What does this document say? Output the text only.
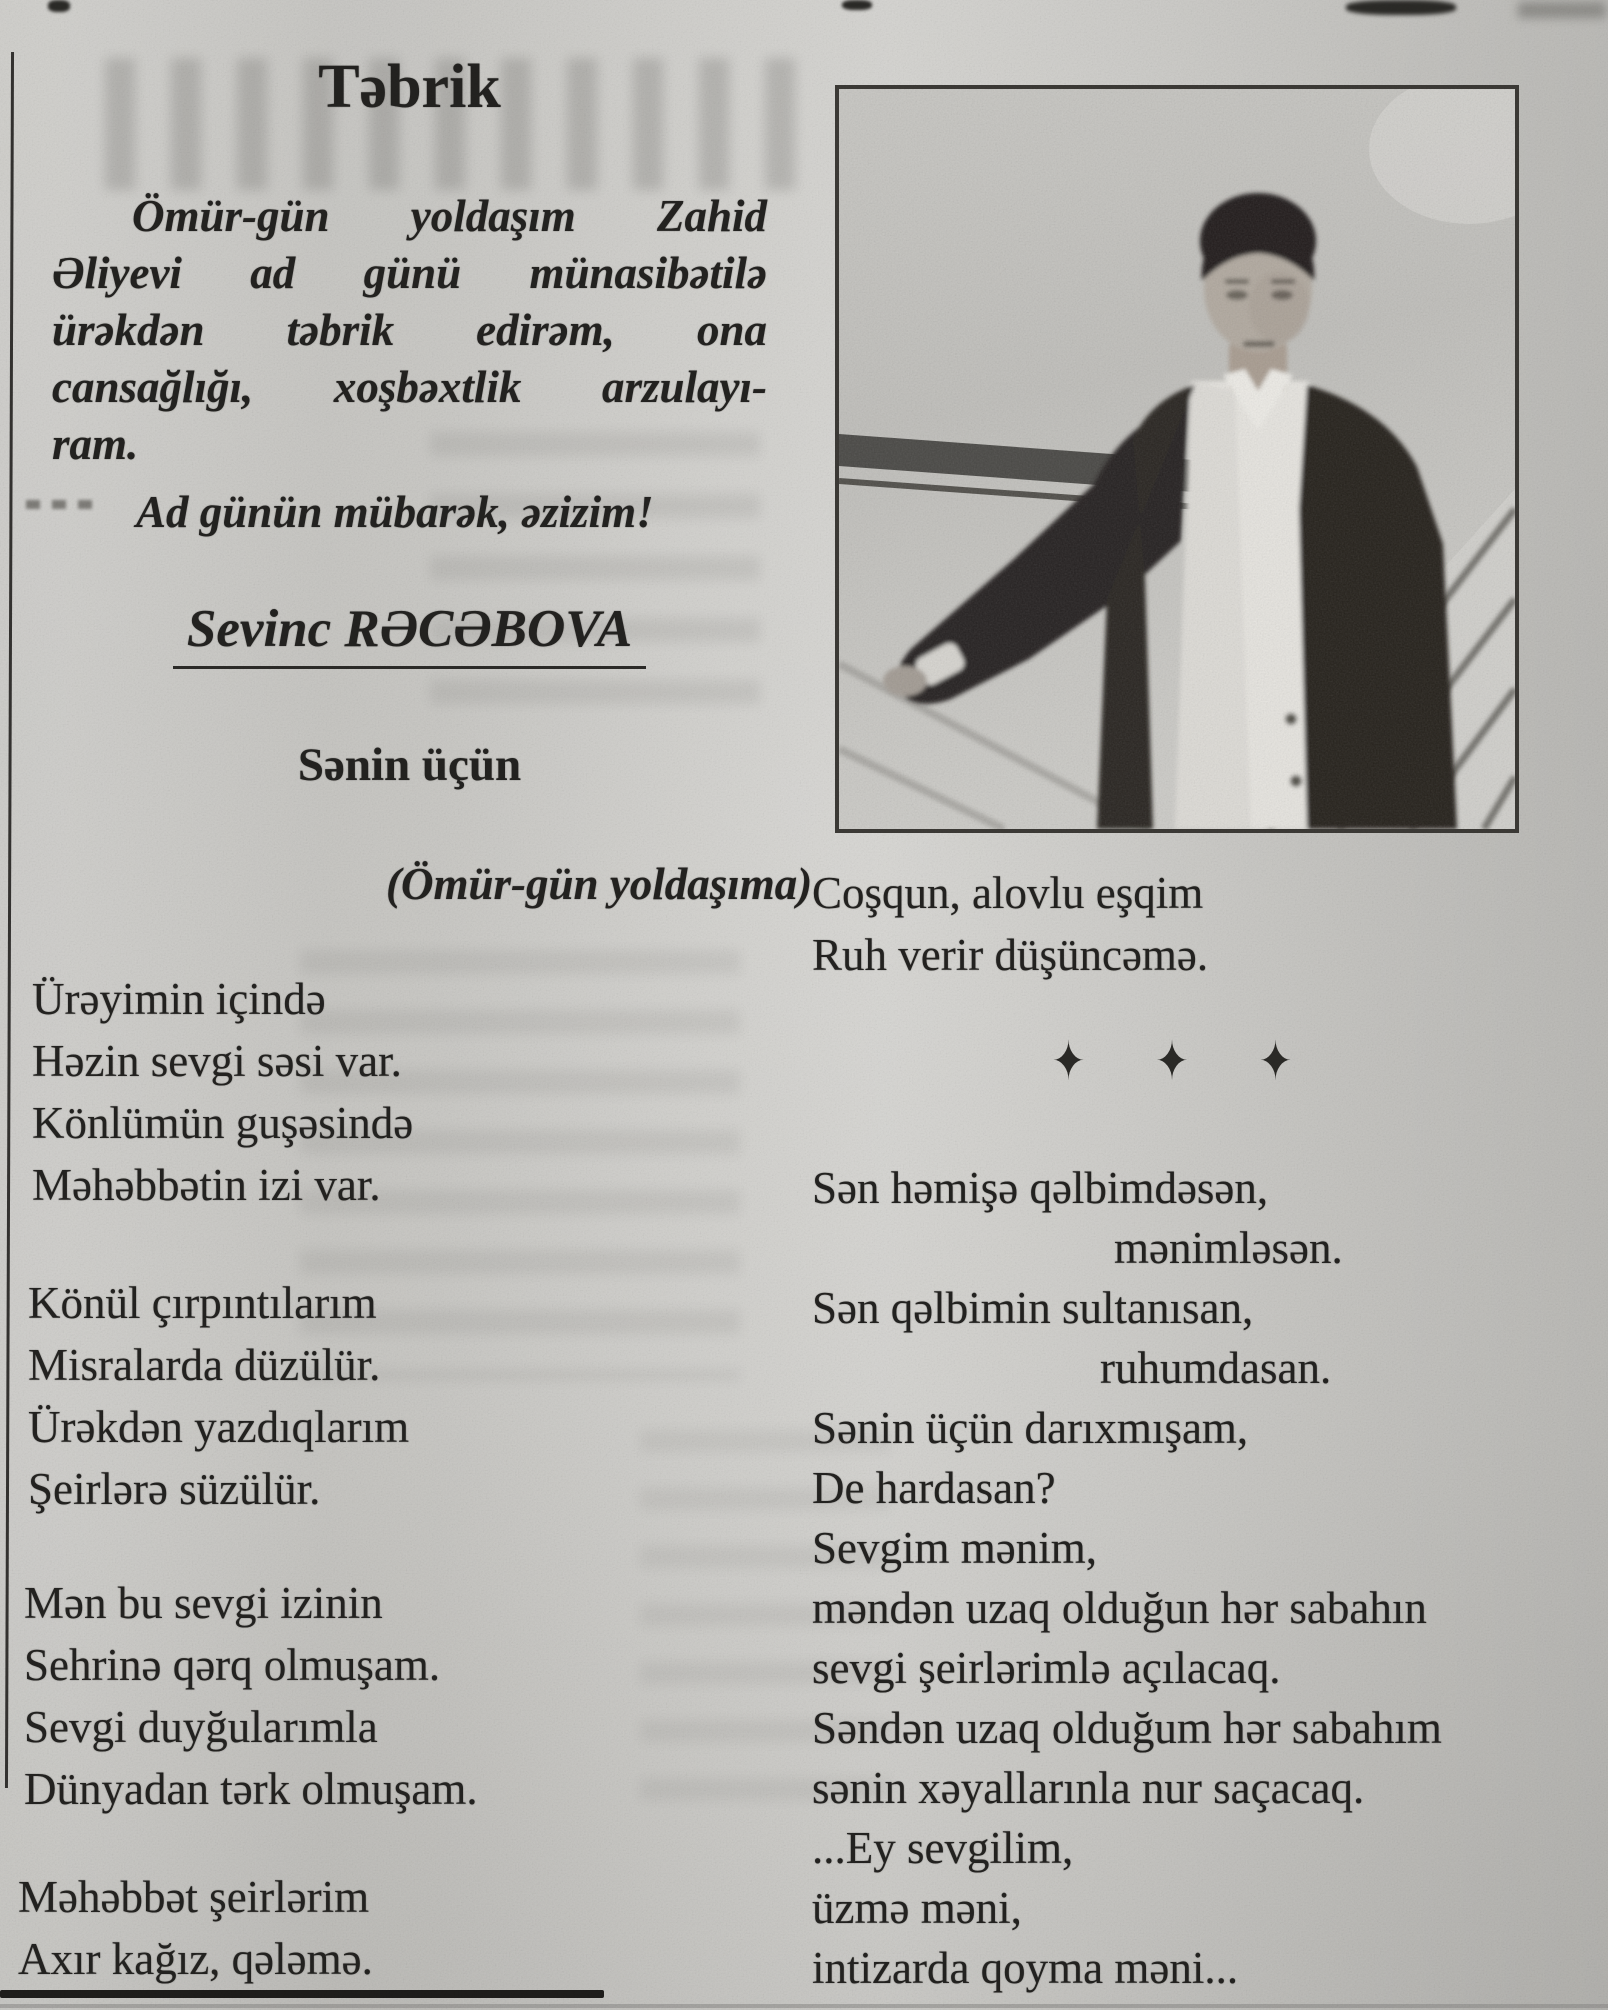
Təbrik
Ömür-gün yoldaşım Zahid
Əliyevi ad günü münasibətilə
ürəkdən təbrik edirəm, ona
cansağlığı, xoşbəxtlik arzulayı-
ram.
Ad günün mübarək, əzizim!
Sevinc RƏCƏBOVA
Sənin üçün
(Ömür-gün yoldaşıma)
Ürəyimin içində
Həzin sevgi səsi var.
Könlümün guşəsində
Məhəbbətin izi var.
Könül çırpıntılarım
Misralarda düzülür.
Ürəkdən yazdıqlarım
Şeirlərə süzülür.
Mən bu sevgi izinin
Sehrinə qərq olmuşam.
Sevgi duyğularımla
Dünyadan tərk olmuşam.
Məhəbbət şeirlərim
Axır kağız, qələmə.
Coşqun, alovlu eşqim
Ruh verir düşüncəmə.
✦ ✦ ✦
Sən həmişə qəlbimdəsən,
mənimləsən.
Sən qəlbimin sultanısan,
ruhumdasan.
Sənin üçün darıxmışam,
De hardasan?
Sevgim mənim,
məndən uzaq olduğun hər sabahın
sevgi şeirlərimlə açılacaq.
Səndən uzaq olduğum hər sabahım
sənin xəyallarınla nur saçacaq.
...Ey sevgilim,
üzmə məni,
intizarda qoyma məni...
